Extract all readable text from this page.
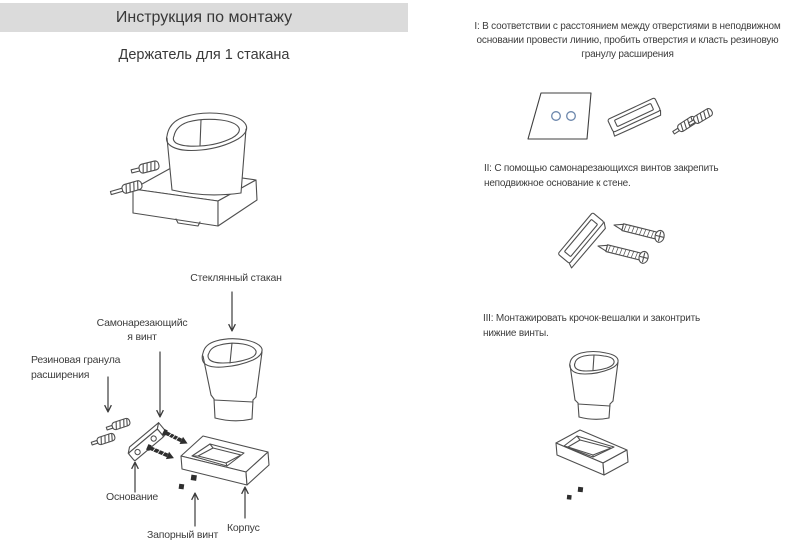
Инструкция по монтажу
Держатель для 1 стакана
Стеклянный стакан
Самонарезающийс
я винт
Резиновая гранула
расширения
Основание
Запорный винт
Корпус
I: В соответствии с расстоянием между отверстиями в неподвижном
основании провести линию, пробить отверстия и класть резиновую
гранулу расширения
II: С помощью самонарезающихся винтов закрепить
неподвижное основание к стене.
III: Монтажировать крочок-вешалки и законтрить
нижние винты.
